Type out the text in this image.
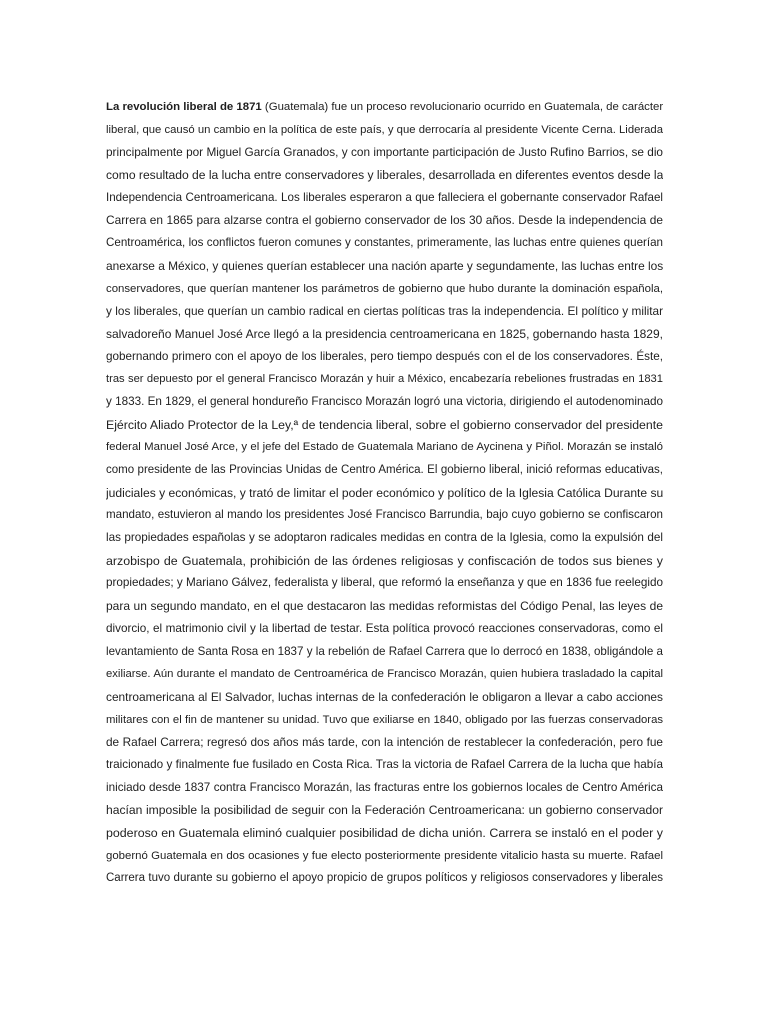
La revolución liberal de 1871 (Guatemala) fue un proceso revolucionario ocurrido en Guatemala, de carácter
liberal, que causó un cambio en la política de este país, y que derrocaría al presidente Vicente Cerna. Liderada
principalmente por Miguel García Granados, y con importante participación de Justo Rufino Barrios, se dio
como resultado de la lucha entre conservadores y liberales, desarrollada en diferentes eventos desde la
Independencia Centroamericana. Los liberales esperaron a que falleciera el gobernante conservador Rafael
Carrera en 1865 para alzarse contra el gobierno conservador de los 30 años. Desde la independencia de
Centroamérica, los conflictos fueron comunes y constantes, primeramente, las luchas entre quienes querían
anexarse a México, y quienes querían establecer una nación aparte y segundamente, las luchas entre los
conservadores, que querían mantener los parámetros de gobierno que hubo durante la dominación española,
y los liberales, que querían un cambio radical en ciertas políticas tras la independencia. El político y militar
salvadoreño Manuel José Arce llegó a la presidencia centroamericana en 1825, gobernando hasta 1829,
gobernando primero con el apoyo de los liberales, pero tiempo después con el de los conservadores. Éste,
tras ser depuesto por el general Francisco Morazán y huir a México, encabezaría rebeliones frustradas en 1831
y 1833. En 1829, el general hondureño Francisco Morazán logró una victoria, dirigiendo el autodenominado
Ejército Aliado Protector de la Ley,ª de tendencia liberal, sobre el gobierno conservador del presidente
federal Manuel José Arce, y el jefe del Estado de Guatemala Mariano de Aycinena y Piñol. Morazán se instaló
como presidente de las Provincias Unidas de Centro América. El gobierno liberal, inició reformas educativas,
judiciales y económicas, y trató de limitar el poder económico y político de la Iglesia Católica Durante su
mandato, estuvieron al mando los presidentes José Francisco Barrundia, bajo cuyo gobierno se confiscaron
las propiedades españolas y se adoptaron radicales medidas en contra de la Iglesia, como la expulsión del
arzobispo de Guatemala, prohibición de las órdenes religiosas y confiscación de todos sus bienes y
propiedades; y Mariano Gálvez, federalista y liberal, que reformó la enseñanza y que en 1836 fue reelegido
para un segundo mandato, en el que destacaron las medidas reformistas del Código Penal, las leyes de
divorcio, el matrimonio civil y la libertad de testar. Esta política provocó reacciones conservadoras, como el
levantamiento de Santa Rosa en 1837 y la rebelión de Rafael Carrera que lo derrocó en 1838, obligándole a
exiliarse. Aún durante el mandato de Centroamérica de Francisco Morazán, quien hubiera trasladado la capital
centroamericana al El Salvador, luchas internas de la confederación le obligaron a llevar a cabo acciones
militares con el fin de mantener su unidad. Tuvo que exiliarse en 1840, obligado por las fuerzas conservadoras
de Rafael Carrera; regresó dos años más tarde, con la intención de restablecer la confederación, pero fue
traicionado y finalmente fue fusilado en Costa Rica. Tras la victoria de Rafael Carrera de la lucha que había
iniciado desde 1837 contra Francisco Morazán, las fracturas entre los gobiernos locales de Centro América
hacían imposible la posibilidad de seguir con la Federación Centroamericana: un gobierno conservador
poderoso en Guatemala eliminó cualquier posibilidad de dicha unión. Carrera se instaló en el poder y
gobernó Guatemala en dos ocasiones y fue electo posteriormente presidente vitalicio hasta su muerte. Rafael
Carrera tuvo durante su gobierno el apoyo propicio de grupos políticos y religiosos conservadores y liberales
